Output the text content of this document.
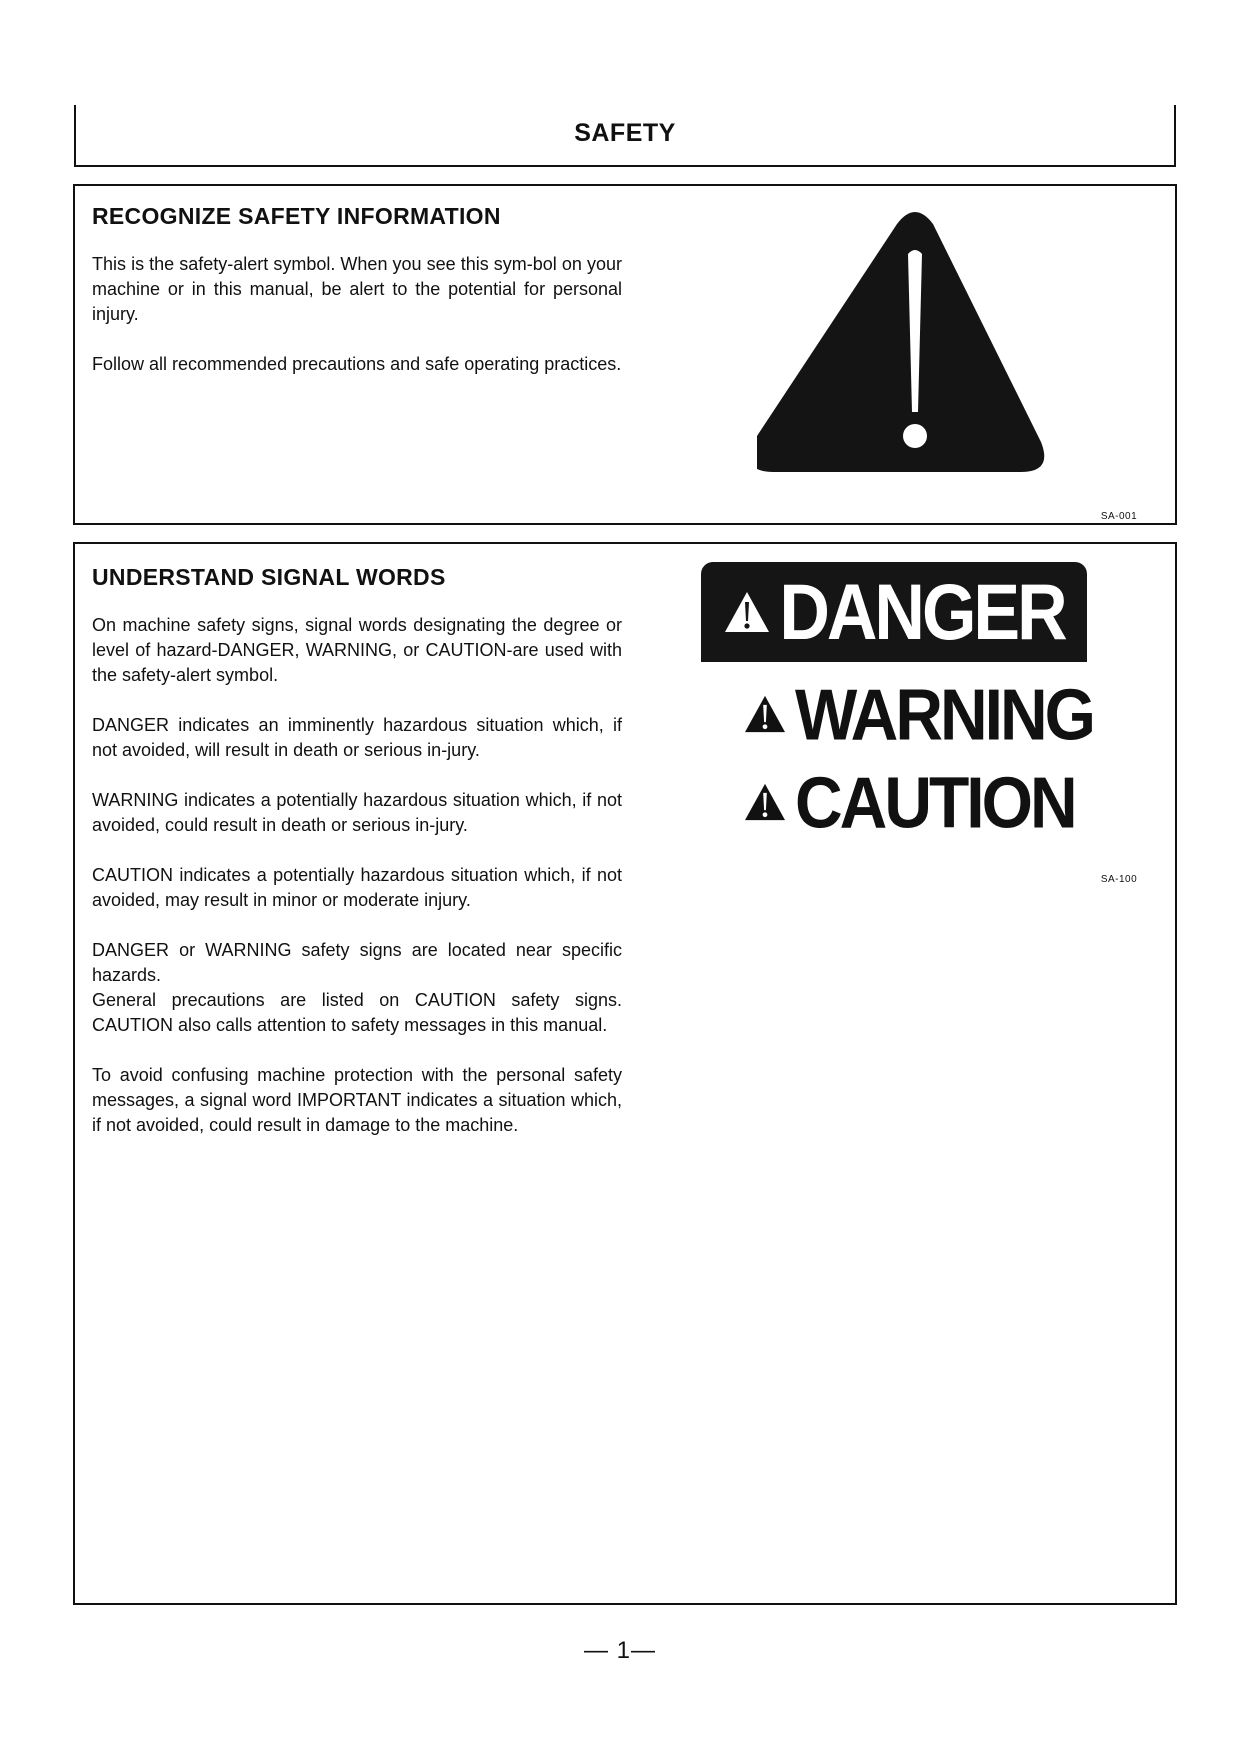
SAFETY
RECOGNIZE SAFETY INFORMATION

This is the safety-alert symbol. When you see this sym-bol on your machine or in this manual, be alert to the potential for personal injury.

Follow all recommended precautions and safe operating practices.

SA-001
UNDERSTAND SIGNAL WORDS

On machine safety signs, signal words designating the degree or level of hazard-DANGER, WARNING, or CAUTION-are used with the safety-alert symbol.

DANGER indicates an imminently hazardous situation which, if not avoided, will result in death or serious in-jury.

WARNING indicates a potentially hazardous situation which, if not avoided, could result in death or serious in-jury.

CAUTION indicates a potentially hazardous situation which, if not avoided, may result in minor or moderate injury.

DANGER or WARNING safety signs are located near specific hazards.

General precautions are listed on CAUTION safety signs. CAUTION also calls attention to safety messages in this manual.

To avoid confusing machine protection with the personal safety messages, a signal word IMPORTANT indicates a situation which, if not avoided, could result in damage to the machine.

DANGER
WARNING
CAUTION
SA-100
— 1—
